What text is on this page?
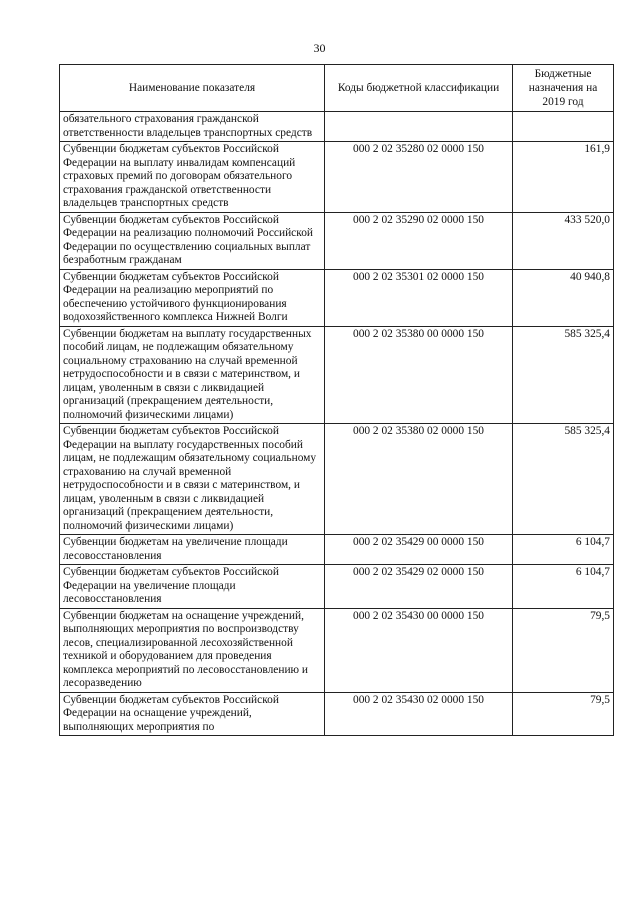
30
Наименование показателя	Коды бюджетной классификации	Бюджетные назначения на 2019 год
обязательного страхования гражданской ответственности владельцев транспортных средств		
Субвенции бюджетам субъектов Российской Федерации на выплату инвалидам компенсаций страховых премий по договорам обязательного страхования гражданской ответственности владельцев транспортных средств	000 2 02 35280 02 0000 150	161,9
Субвенции бюджетам субъектов Российской Федерации на реализацию полномочий Российской Федерации по осуществлению социальных выплат безработным гражданам	000 2 02 35290 02 0000 150	433 520,0
Субвенции бюджетам субъектов Российской Федерации на реализацию мероприятий по обеспечению устойчивого функционирования водохозяйственного комплекса Нижней Волги	000 2 02 35301 02 0000 150	40 940,8
Субвенции бюджетам на выплату государственных пособий лицам, не подлежащим обязательному социальному страхованию на случай временной нетрудоспособности и в связи с материнством, и лицам, уволенным в связи с ликвидацией организаций (прекращением деятельности, полномочий физическими лицами)	000 2 02 35380 00 0000 150	585 325,4
Субвенции бюджетам субъектов Российской Федерации на выплату государственных пособий лицам, не подлежащим обязательному социальному страхованию на случай временной нетрудоспособности и в связи с материнством, и лицам, уволенным в связи с ликвидацией организаций (прекращением деятельности, полномочий физическими лицами)	000 2 02 35380 02 0000 150	585 325,4
Субвенции бюджетам на увеличение площади лесовосстановления	000 2 02 35429 00 0000 150	6 104,7
Субвенции бюджетам субъектов Российской Федерации на увеличение площади лесовосстановления	000 2 02 35429 02 0000 150	6 104,7
Субвенции бюджетам на оснащение учреждений, выполняющих мероприятия по воспроизводству лесов, специализированной лесохозяйственной техникой и оборудованием для проведения комплекса мероприятий по лесовосстановлению и лесоразведению	000 2 02 35430 00 0000 150	79,5
Субвенции бюджетам субъектов Российской Федерации на оснащение учреждений, выполняющих мероприятия по	000 2 02 35430 02 0000 150	79,5
